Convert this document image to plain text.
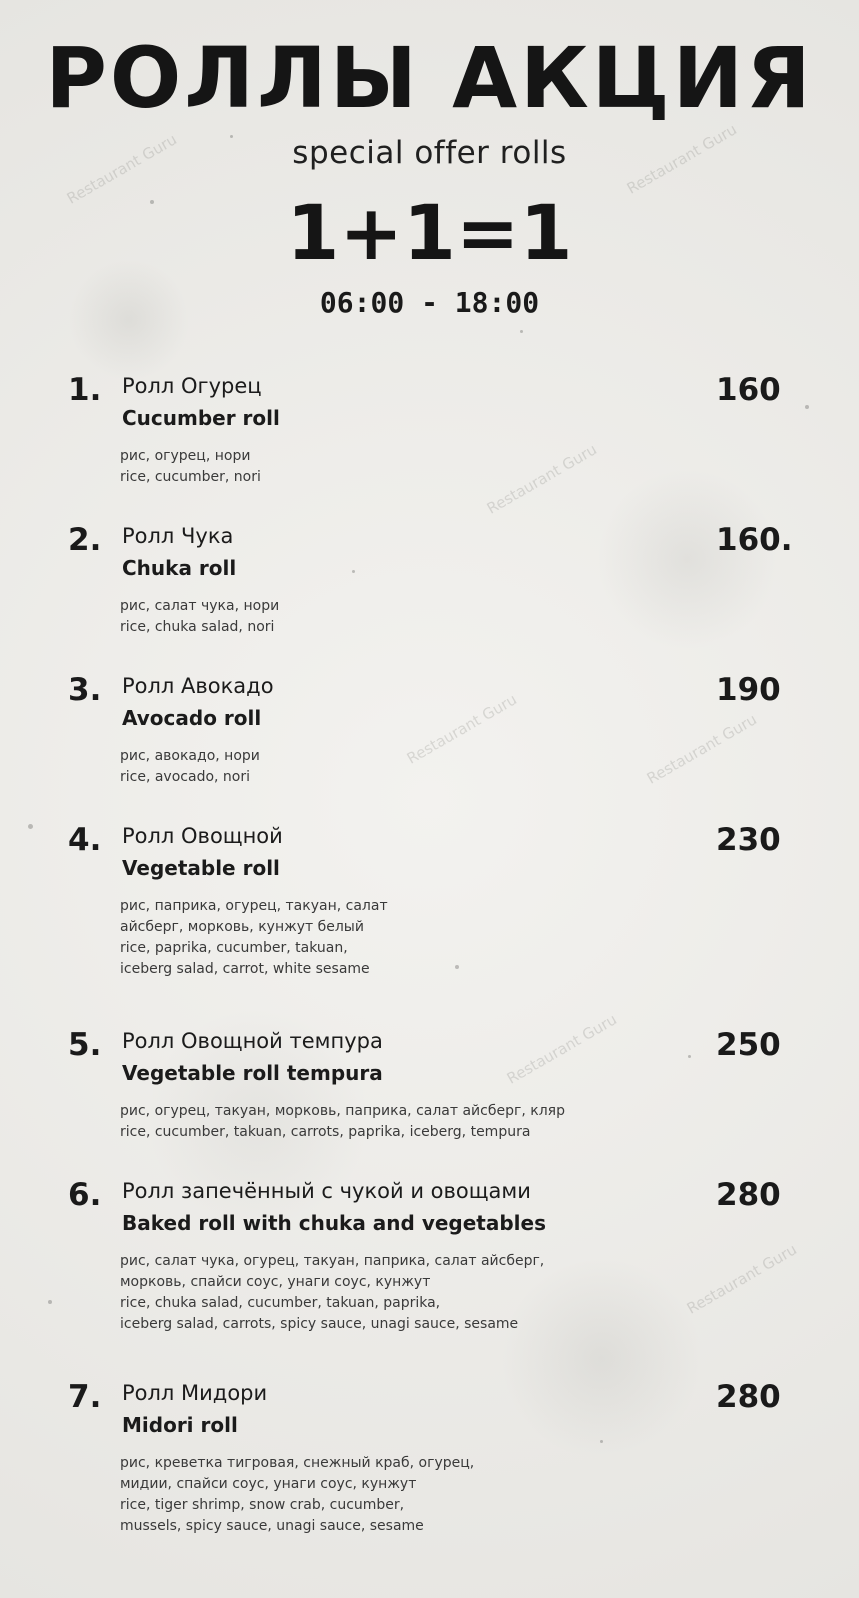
Restaurant Guru	Restaurant Guru
Restaurant Guru
Restaurant Guru	Restaurant Guru
Restaurant Guru
Restaurant Guru
РОЛЛЫ АКЦИЯ
special offer rolls
1+1=1
06:00 - 18:00
1. Ролл Огурец
Cucumber roll
160
рис, огурец, нори
rice, cucumber, nori
2. Ролл Чука
Chuka roll
160.
рис, салат чука, нори
rice, chuka salad, nori
3. Ролл Авокадо
Avocado roll
190
рис, авокадо, нори
rice, avocado, nori
4. Ролл Овощной
Vegetable roll
230
рис, паприка, огурец, такуан, салат
айсберг, морковь, кунжут белый
rice, paprika, cucumber, takuan,
iceberg salad, carrot, white sesame
5. Ролл Овощной темпура
Vegetable roll tempura
250
рис, огурец, такуан, морковь, паприка, салат айсберг, кляр
rice, cucumber, takuan, carrots, paprika, iceberg, tempura
6. Ролл запечённый с чукой и овощами
Baked roll with chuka and vegetables
280
рис, салат чука, огурец, такуан, паприка, салат айсберг,
морковь, спайси соус, унаги соус, кунжут
rice, chuka salad, cucumber, takuan, paprika,
iceberg salad, carrots, spicy sauce, unagi sauce, sesame
7. Ролл Мидори
Midori roll
280
рис, креветка тигровая, снежный краб, огурец,
мидии, спайси соус, унаги соус, кунжут
rice, tiger shrimp, snow crab, cucumber,
mussels, spicy sauce, unagi sauce, sesame
